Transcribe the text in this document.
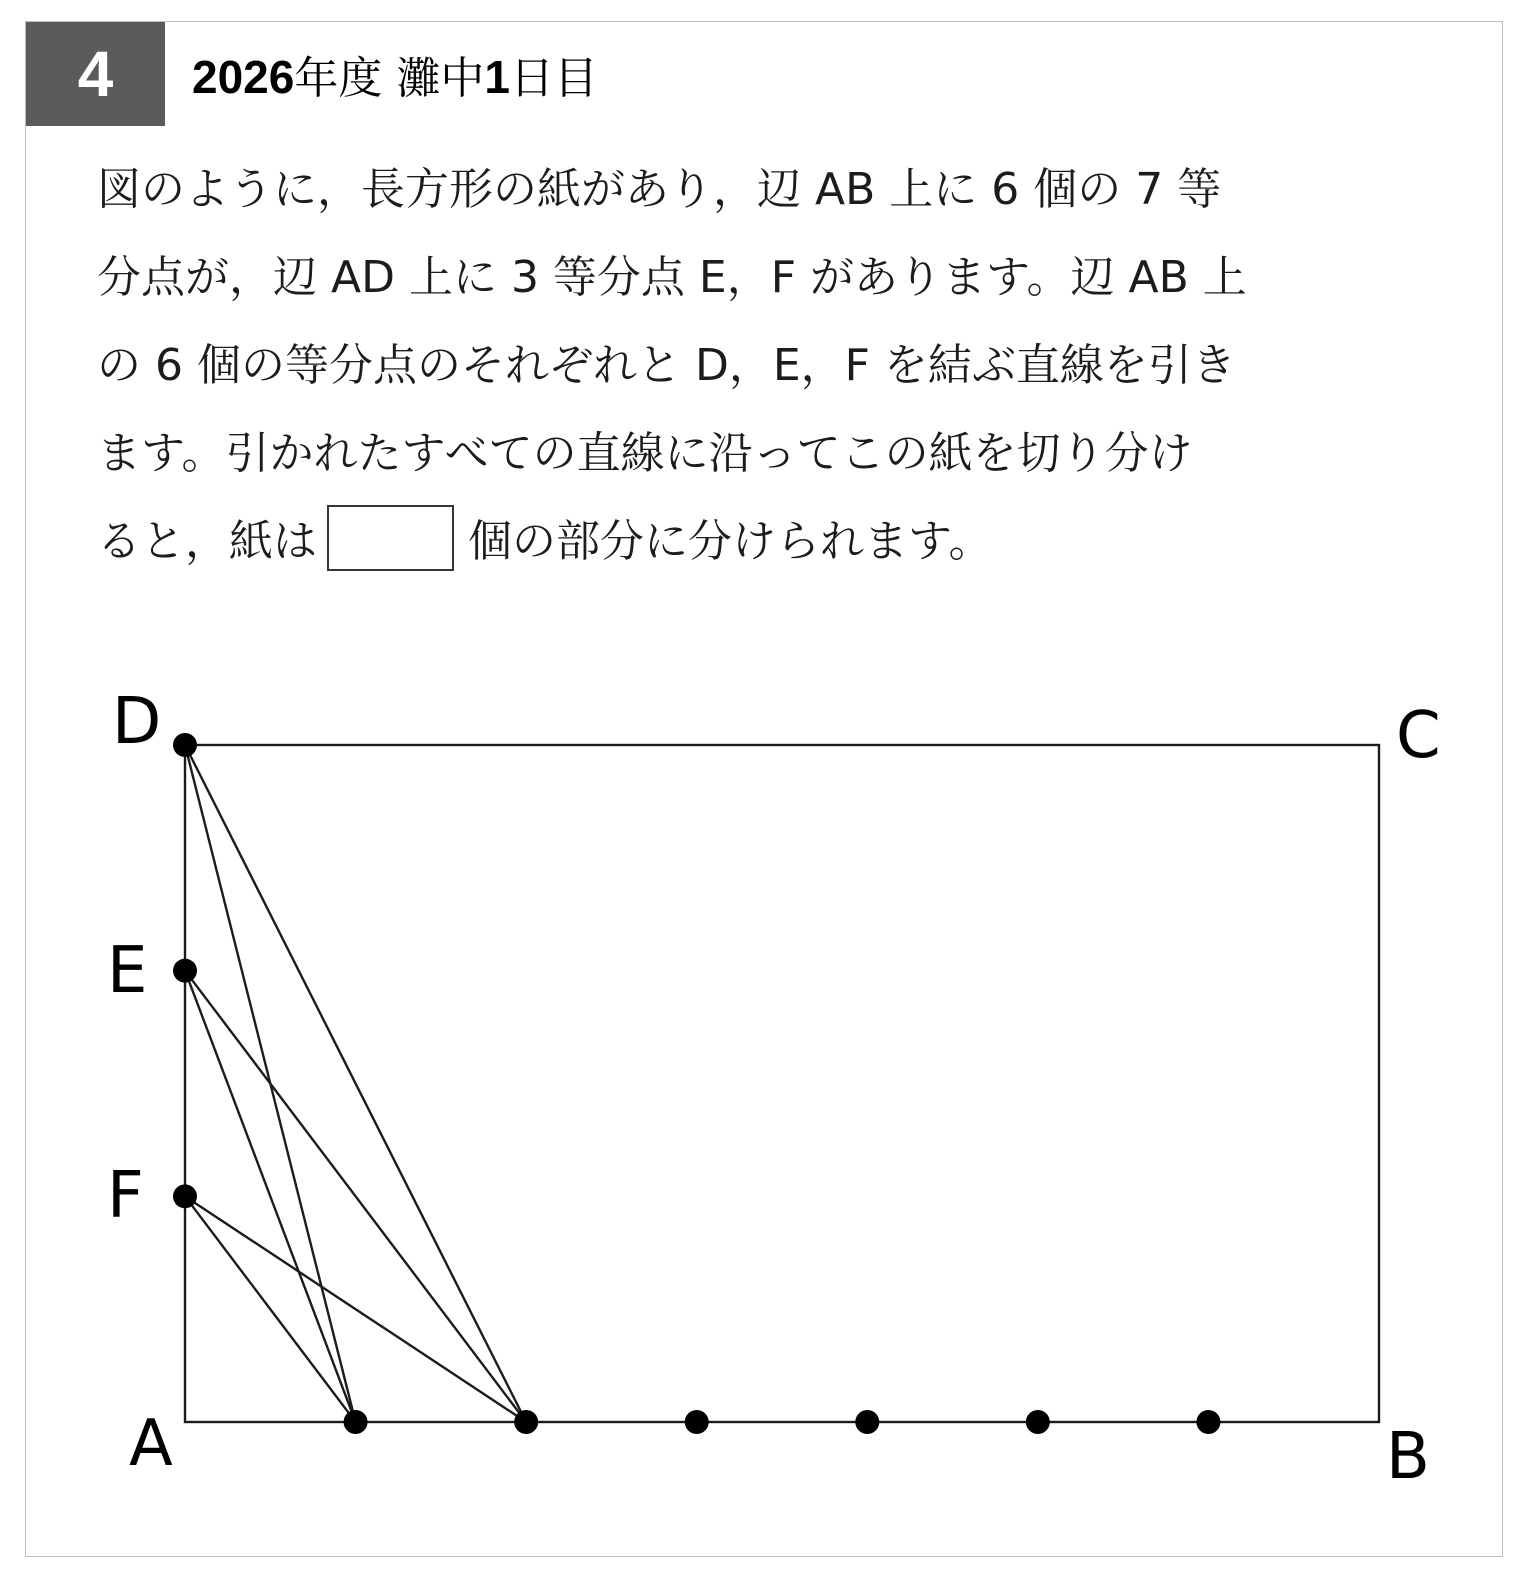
4	2026年度 灘中1日目
図のように，長方形の紙があり，辺 AB 上に 6 個の 7 等
分点が，辺 AD 上に 3 等分点 E，F があります。辺 AB 上
の 6 個の等分点のそれぞれと D，E，F を結ぶ直線を引き
ます。引かれたすべての直線に沿ってこの紙を切り分け
ると，紙は	個の部分に分けられます。
D	C
E
F
A	B
